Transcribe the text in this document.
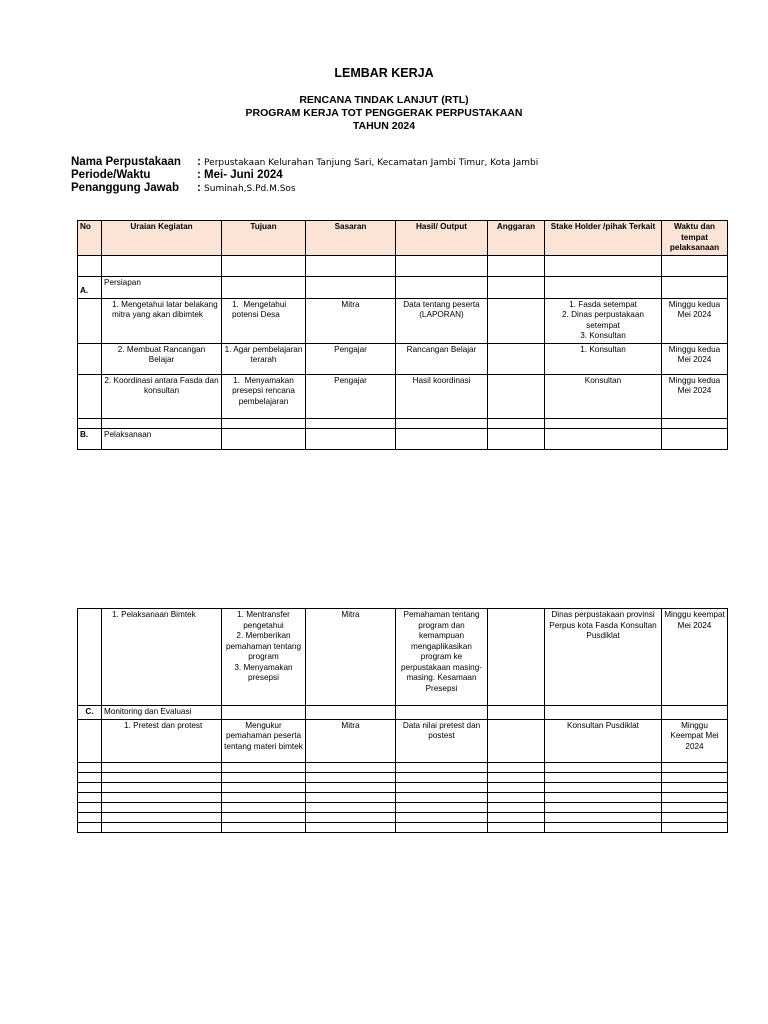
LEMBAR KERJA
RENCANA TINDAK LANJUT (RTL)
PROGRAM KERJA TOT PENGGERAK PERPUSTAKAAN
TAHUN 2024
Nama Perpustakaan : Perpustakaan Kelurahan Tanjung Sari, Kecamatan Jambi Timur, Kota Jambi
Periode/Waktu	: Mei- Juni 2024
Penanggung Jawab : Suminah,S.Pd.M.Sos
No	Uraian Kegiatan	Tujuan	Sasaran	Hasil/ Output	Anggaran	Stake Holder /pihak Terkait	Waktu dan tempat pelaksanaan

A.	Persiapan						
	1. Mengetahui latar belakang mitra yang akan dibimtek	1. Mengetahui potensi Desa	Mitra	Data tentang peserta (LAPORAN)		1. Fasda setempat
2. Dinas perpustakaan setempat
3. Konsultan	Minggu kedua Mei 2024
	2. Membuat Rancangan Belajar	1. Agar pembelajaran terarah	Pengajar	Rancangan Belajar		1. Konsultan	Minggu kedua Mei 2024
	2. Koordinasi antara Fasda dan konsultan	1. Menyamakan presepsi rencana pembelajaran	Pengajar	Hasil koordinasi		Konsultan	Minggu kedua Mei 2024

B.	Pelaksanaan						
	1. Pelaksanaan Bimtek	1. Mentransfer pengetahui
2. Memberikan pemahaman tentang program
3. Menyamakan presepsi	Mitra	Pemahaman tentang program dan kemampuan mengaplikasikan program ke perpustakaan masing-masing. Kesamaan Presepsi		Dinas perpustakaan provinsi Perpus kota Fasda Konsultan Pusdiklat	Minggu keempat Mei 2024
C.	Monitoring dan Evaluasi						
	1. Pretest dan protest	Mengukur pemahaman peserta tentang materi bimtek	Mitra	Data nilai pretest dan postest		Konsultan Pusdiklat	Minggu Keempat Mei 2024
